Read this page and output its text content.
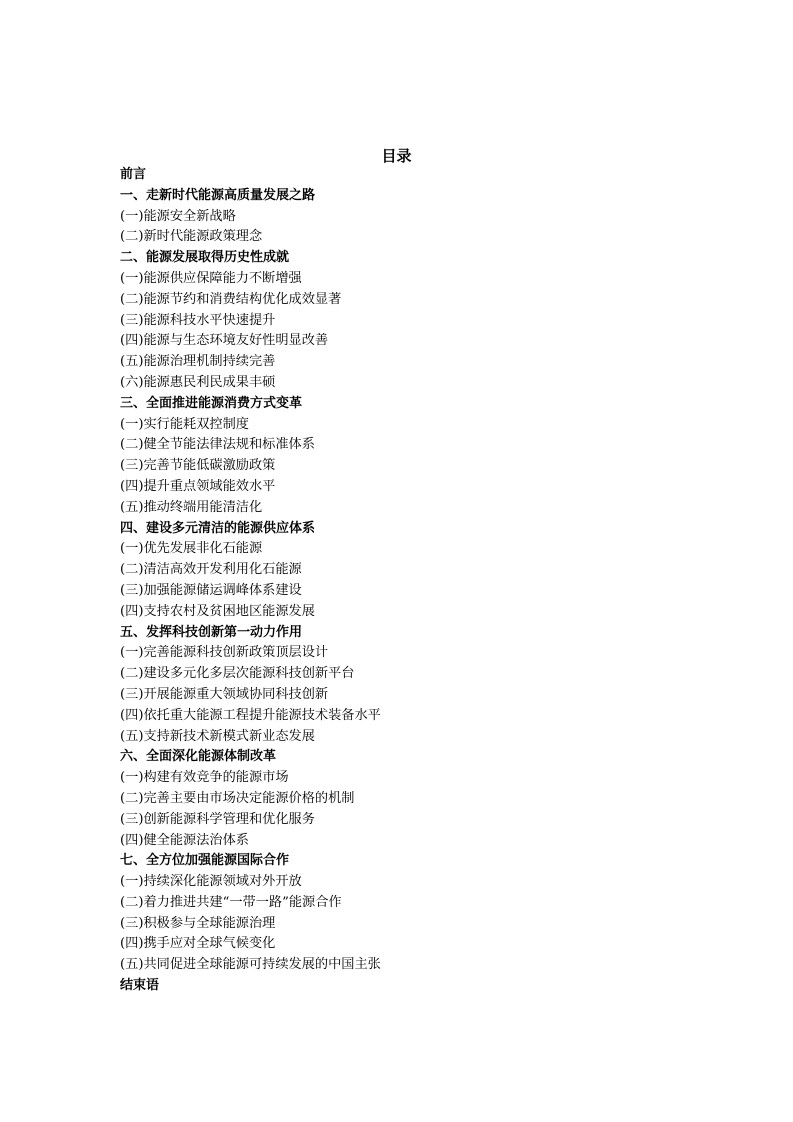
目录
前言
一、走新时代能源高质量发展之路
(一)能源安全新战略
(二)新时代能源政策理念
二、能源发展取得历史性成就
(一)能源供应保障能力不断增强
(二)能源节约和消费结构优化成效显著
(三)能源科技水平快速提升
(四)能源与生态环境友好性明显改善
(五)能源治理机制持续完善
(六)能源惠民利民成果丰硕
三、全面推进能源消费方式变革
(一)实行能耗双控制度
(二)健全节能法律法规和标准体系
(三)完善节能低碳激励政策
(四)提升重点领域能效水平
(五)推动终端用能清洁化
四、建设多元清洁的能源供应体系
(一)优先发展非化石能源
(二)清洁高效开发利用化石能源
(三)加强能源储运调峰体系建设
(四)支持农村及贫困地区能源发展
五、发挥科技创新第一动力作用
(一)完善能源科技创新政策顶层设计
(二)建设多元化多层次能源科技创新平台
(三)开展能源重大领域协同科技创新
(四)依托重大能源工程提升能源技术装备水平
(五)支持新技术新模式新业态发展
六、全面深化能源体制改革
(一)构建有效竞争的能源市场
(二)完善主要由市场决定能源价格的机制
(三)创新能源科学管理和优化服务
(四)健全能源法治体系
七、全方位加强能源国际合作
(一)持续深化能源领域对外开放
(二)着力推进共建“一带一路”能源合作
(三)积极参与全球能源治理
(四)携手应对全球气候变化
(五)共同促进全球能源可持续发展的中国主张
结束语
